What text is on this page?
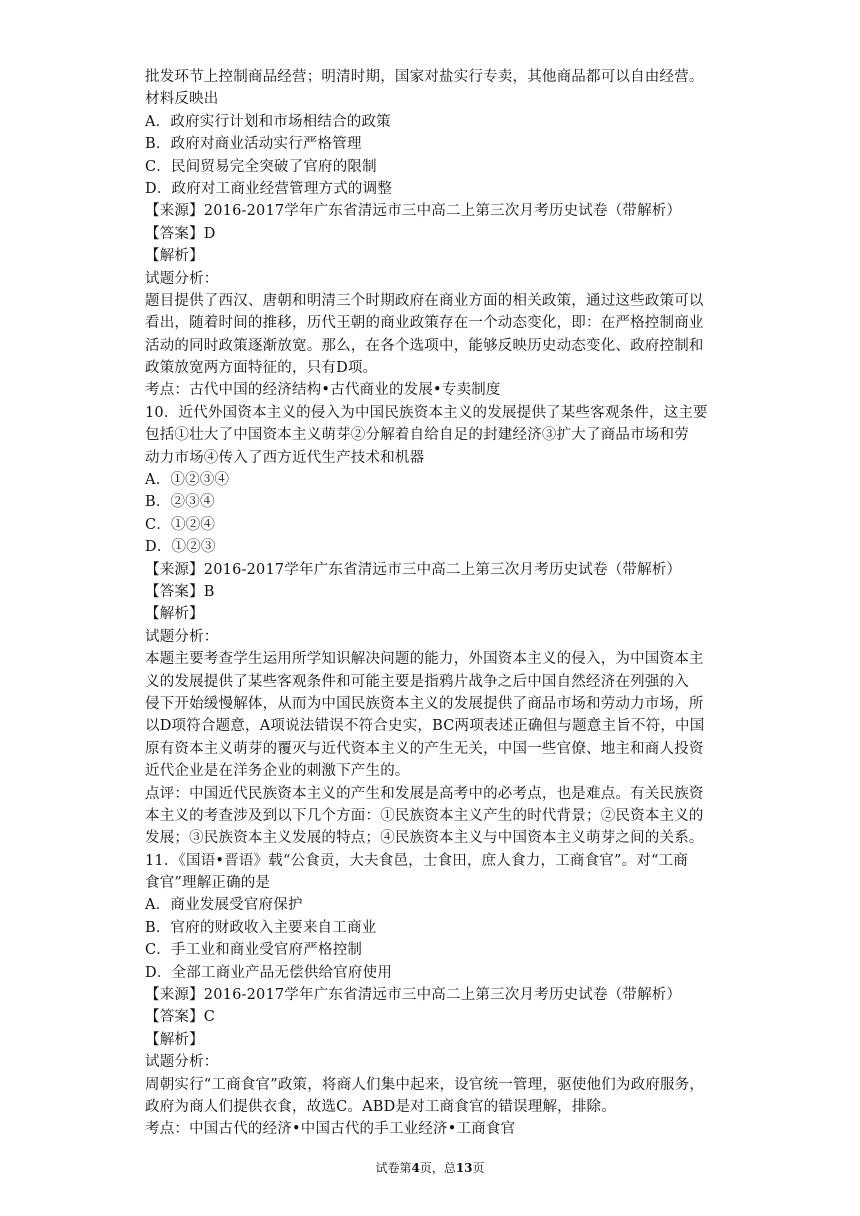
批发环节上控制商品经营；明清时期，国家对盐实行专卖，其他商品都可以自由经营。
材料反映出
A．政府实行计划和市场相结合的政策
B．政府对商业活动实行严格管理
C．民间贸易完全突破了官府的限制
D．政府对工商业经营管理方式的调整
【来源】2016-2017学年广东省清远市三中高二上第三次月考历史试卷（带解析）
【答案】D
【解析】
试题分析：
题目提供了西汉、唐朝和明清三个时期政府在商业方面的相关政策，通过这些政策可以
看出，随着时间的推移，历代王朝的商业政策存在一个动态变化，即：在严格控制商业
活动的同时政策逐渐放宽。那么，在各个选项中，能够反映历史动态变化、政府控制和
政策放宽两方面特征的，只有D项。
考点：古代中国的经济结构•古代商业的发展•专卖制度
10．近代外国资本主义的侵入为中国民族资本主义的发展提供了某些客观条件，这主要
包括①壮大了中国资本主义萌芽②分解着自给自足的封建经济③扩大了商品市场和劳
动力市场④传入了西方近代生产技术和机器
A．①②③④
B．②③④
C．①②④
D．①②③
【来源】2016-2017学年广东省清远市三中高二上第三次月考历史试卷（带解析）
【答案】B
【解析】
试题分析：
本题主要考查学生运用所学知识解决问题的能力，外国资本主义的侵入，为中国资本主
义的发展提供了某些客观条件和可能主要是指鸦片战争之后中国自然经济在列强的入
侵下开始缓慢解体，从而为中国民族资本主义的发展提供了商品市场和劳动力市场，所
以D项符合题意，A项说法错误不符合史实，BC两项表述正确但与题意主旨不符，中国
原有资本主义萌芽的覆灭与近代资本主义的产生无关，中国一些官僚、地主和商人投资
近代企业是在洋务企业的刺激下产生的。
点评：中国近代民族资本主义的产生和发展是高考中的必考点，也是难点。有关民族资
本主义的考查涉及到以下几个方面：①民族资本主义产生的时代背景；②民资本主义的
发展；③民族资本主义发展的特点；④民族资本主义与中国资本主义萌芽之间的关系。
11．《国语•晋语》载“公食贡，大夫食邑，士食田，庶人食力，工商食官”。对“工商
食官”理解正确的是
A．商业发展受官府保护
B．官府的财政收入主要来自工商业
C．手工业和商业受官府严格控制
D．全部工商业产品无偿供给官府使用
【来源】2016-2017学年广东省清远市三中高二上第三次月考历史试卷（带解析）
【答案】C
【解析】
试题分析：
周朝实行“工商食官”政策，将商人们集中起来，设官统一管理，驱使他们为政府服务，
政府为商人们提供衣食，故选C。ABD是对工商食官的错误理解，排除。
考点：中国古代的经济•中国古代的手工业经济•工商食官
试卷第4页，总13页
